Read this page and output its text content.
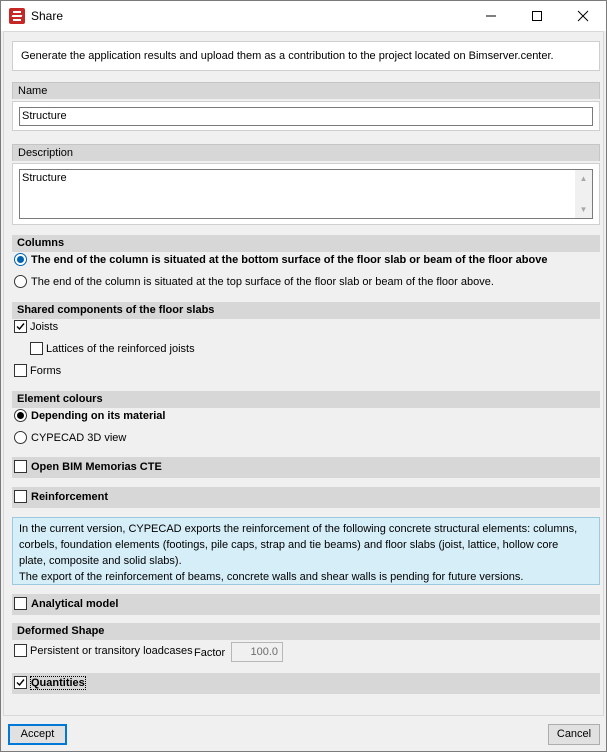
Share
Generate the application results and upload them as a contribution to the project located on Bimserver.center.
Name
Structure
Description
Structure	▲
▼
Columns
The end of the column is situated at the bottom surface of the floor slab or beam of the floor above
The end of the column is situated at the top surface of the floor slab or beam of the floor above.
Shared components of the floor slabs
Joists
Lattices of the reinforced joists
Forms
Element colours
Depending on its material
CYPECAD 3D view
Open BIM Memorias CTE
Reinforcement
In the current version, CYPECAD exports the reinforcement of the following concrete structural elements: columns,
corbels, foundation elements (footings, pile caps, strap and tie beams) and floor slabs (joist, lattice, hollow core
plate, composite and solid slabs).
The export of the reinforcement of beams, concrete walls and shear walls is pending for future versions.
Analytical model
Deformed Shape
Persistent or transitory loadcases Factor	100.0
Quantities
Accept	Cancel
